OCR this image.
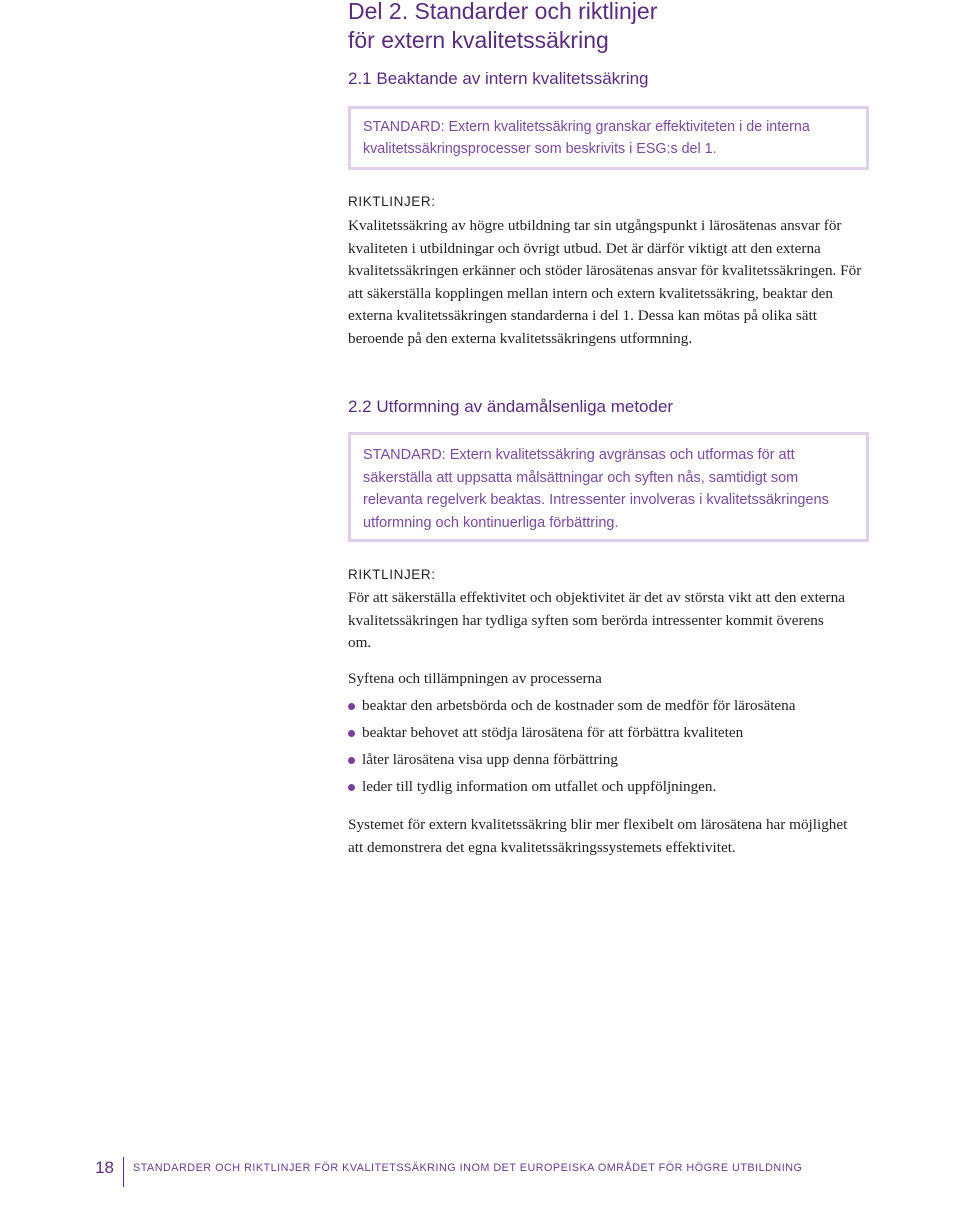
Del 2. Standarder och riktlinjer
för extern kvalitetssäkring
2.1 Beaktande av intern kvalitetssäkring
STANDARD: Extern kvalitetssäkring granskar effektiviteten i de interna kvalitetssäkringsprocesser som beskrivits i ESG:s del 1.

RIKTLINJER:

Kvalitetssäkring av högre utbildning tar sin utgångspunkt i lärosätenas ansvar för kvaliteten i utbildningar och övrigt utbud. Det är därför viktigt att den externa kvalitetssäkringen erkänner och stöder lärosätenas ansvar för kvalitetssäkringen. För att säkerställa kopplingen mellan intern och extern kvalitetssäkring, beaktar den externa kvalitetssäkringen standarderna i del 1. Dessa kan mötas på olika sätt beroende på den externa kvalitetssäkringens utformning.

2.2 Utformning av ändamålsenliga metoder
STANDARD: Extern kvalitetssäkring avgränsas och utformas för att säkerställa att uppsatta målsättningar och syften nås, samtidigt som relevanta regelverk beaktas. Intressenter involveras i kvalitetssäkringens utformning och kontinuerliga förbättring.

RIKTLINJER:

För att säkerställa effektivitet och objektivitet är det av största vikt att den externa kvalitetssäkringen har tydliga syften som berörda intressenter kommit överens om.

Syftena och tillämpningen av processerna

beaktar den arbetsbörda och de kostnader som de medför för lärosätena
beaktar behovet att stödja lärosätena för att förbättra kvaliteten
låter lärosätena visa upp denna förbättring
leder till tydlig information om utfallet och uppföljningen.

Systemet för extern kvalitetssäkring blir mer flexibelt om lärosätena har möjlighet att demonstrera det egna kvalitetssäkringssystemets effektivitet.

18 STANDARDER OCH RIKTLINJER FÖR KVALITETSSÄKRING INOM DET EUROPEISKA OMRÅDET FÖR HÖGRE UTBILDNING
